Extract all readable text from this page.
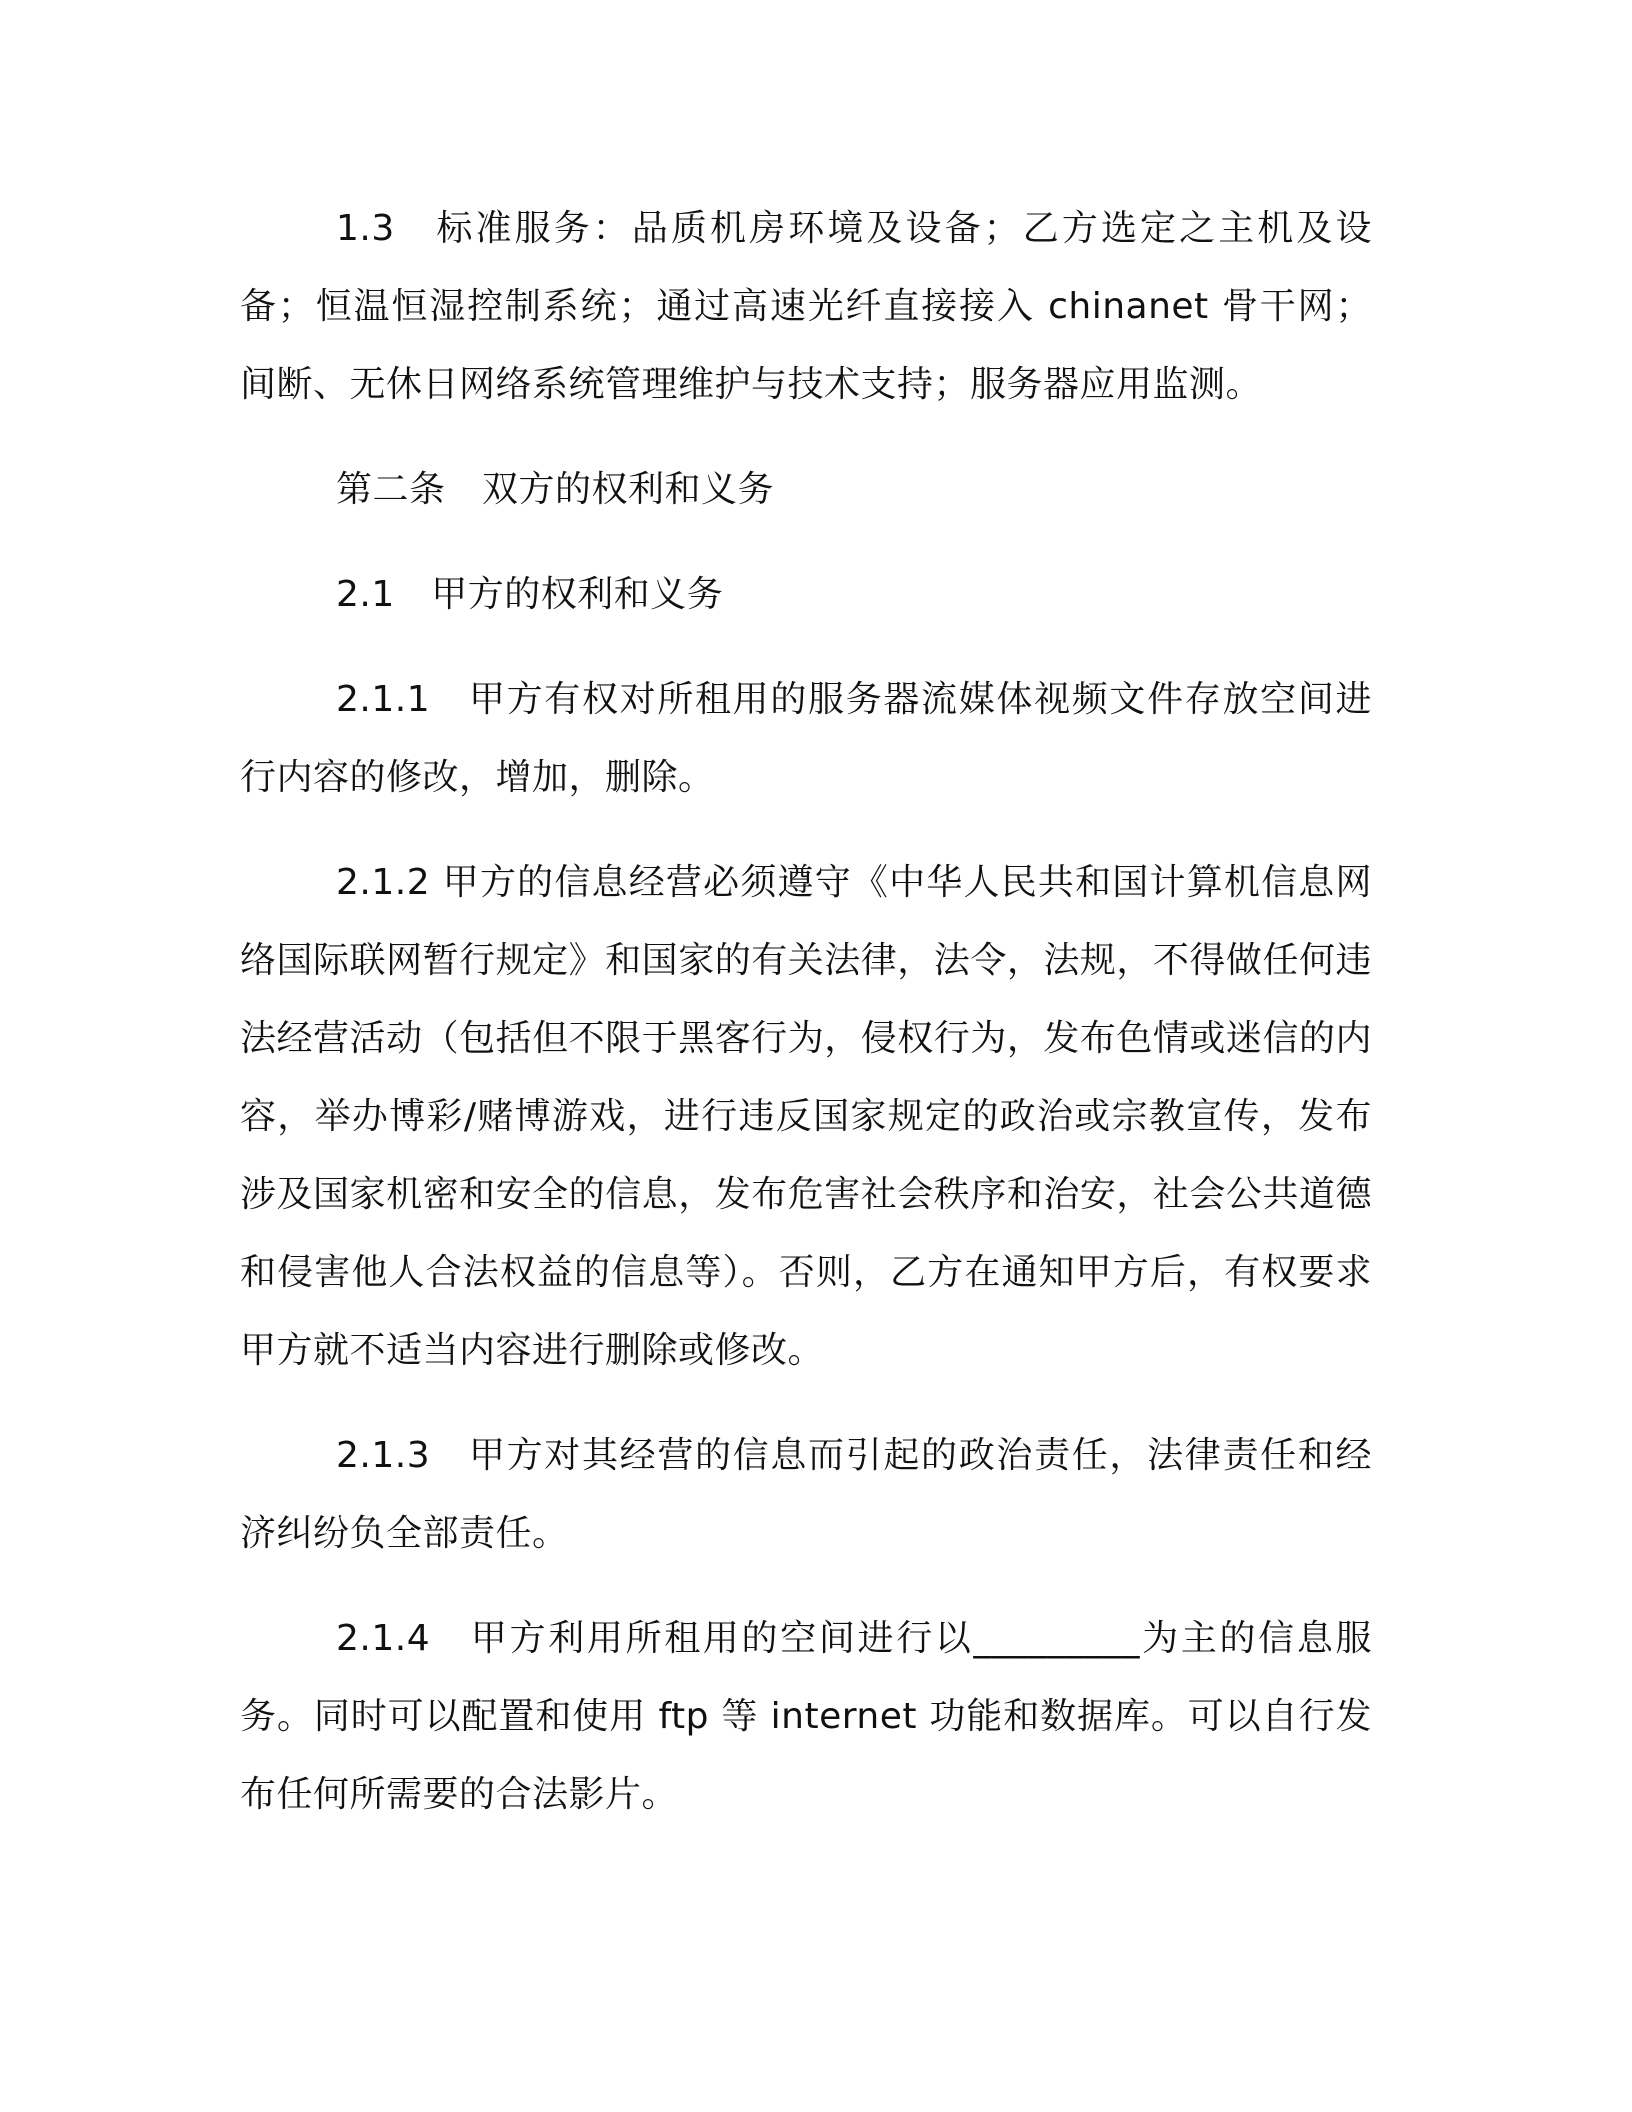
1.3　标准服务：品质机房环境及设备；乙方选定之主机及设备；恒温恒湿控制系统；通过高速光纤直接接入 chinanet 骨干网；间断、无休日网络系统管理维护与技术支持；服务器应用监测。

第二条　双方的权利和义务

2.1　甲方的权利和义务

2.1.1　甲方有权对所租用的服务器流媒体视频文件存放空间进行内容的修改，增加，删除。

2.1.2 甲方的信息经营必须遵守《中华人民共和国计算机信息网络国际联网暂行规定》和国家的有关法律，法令，法规，不得做任何违法经营活动（包括但不限于黑客行为，侵权行为，发布色情或迷信的内容，举办博彩/赌博游戏，进行违反国家规定的政治或宗教宣传，发布涉及国家机密和安全的信息，发布危害社会秩序和治安，社会公共道德和侵害他人合法权益的信息等）。否则，乙方在通知甲方后，有权要求甲方就不适当内容进行删除或修改。

2.1.3　甲方对其经营的信息而引起的政治责任，法律责任和经济纠纷负全部责任。

2.1.4　甲方利用所租用的空间进行以_________为主的信息服务。同时可以配置和使用 ftp 等 internet 功能和数据库。可以自行发布任何所需要的合法影片。
